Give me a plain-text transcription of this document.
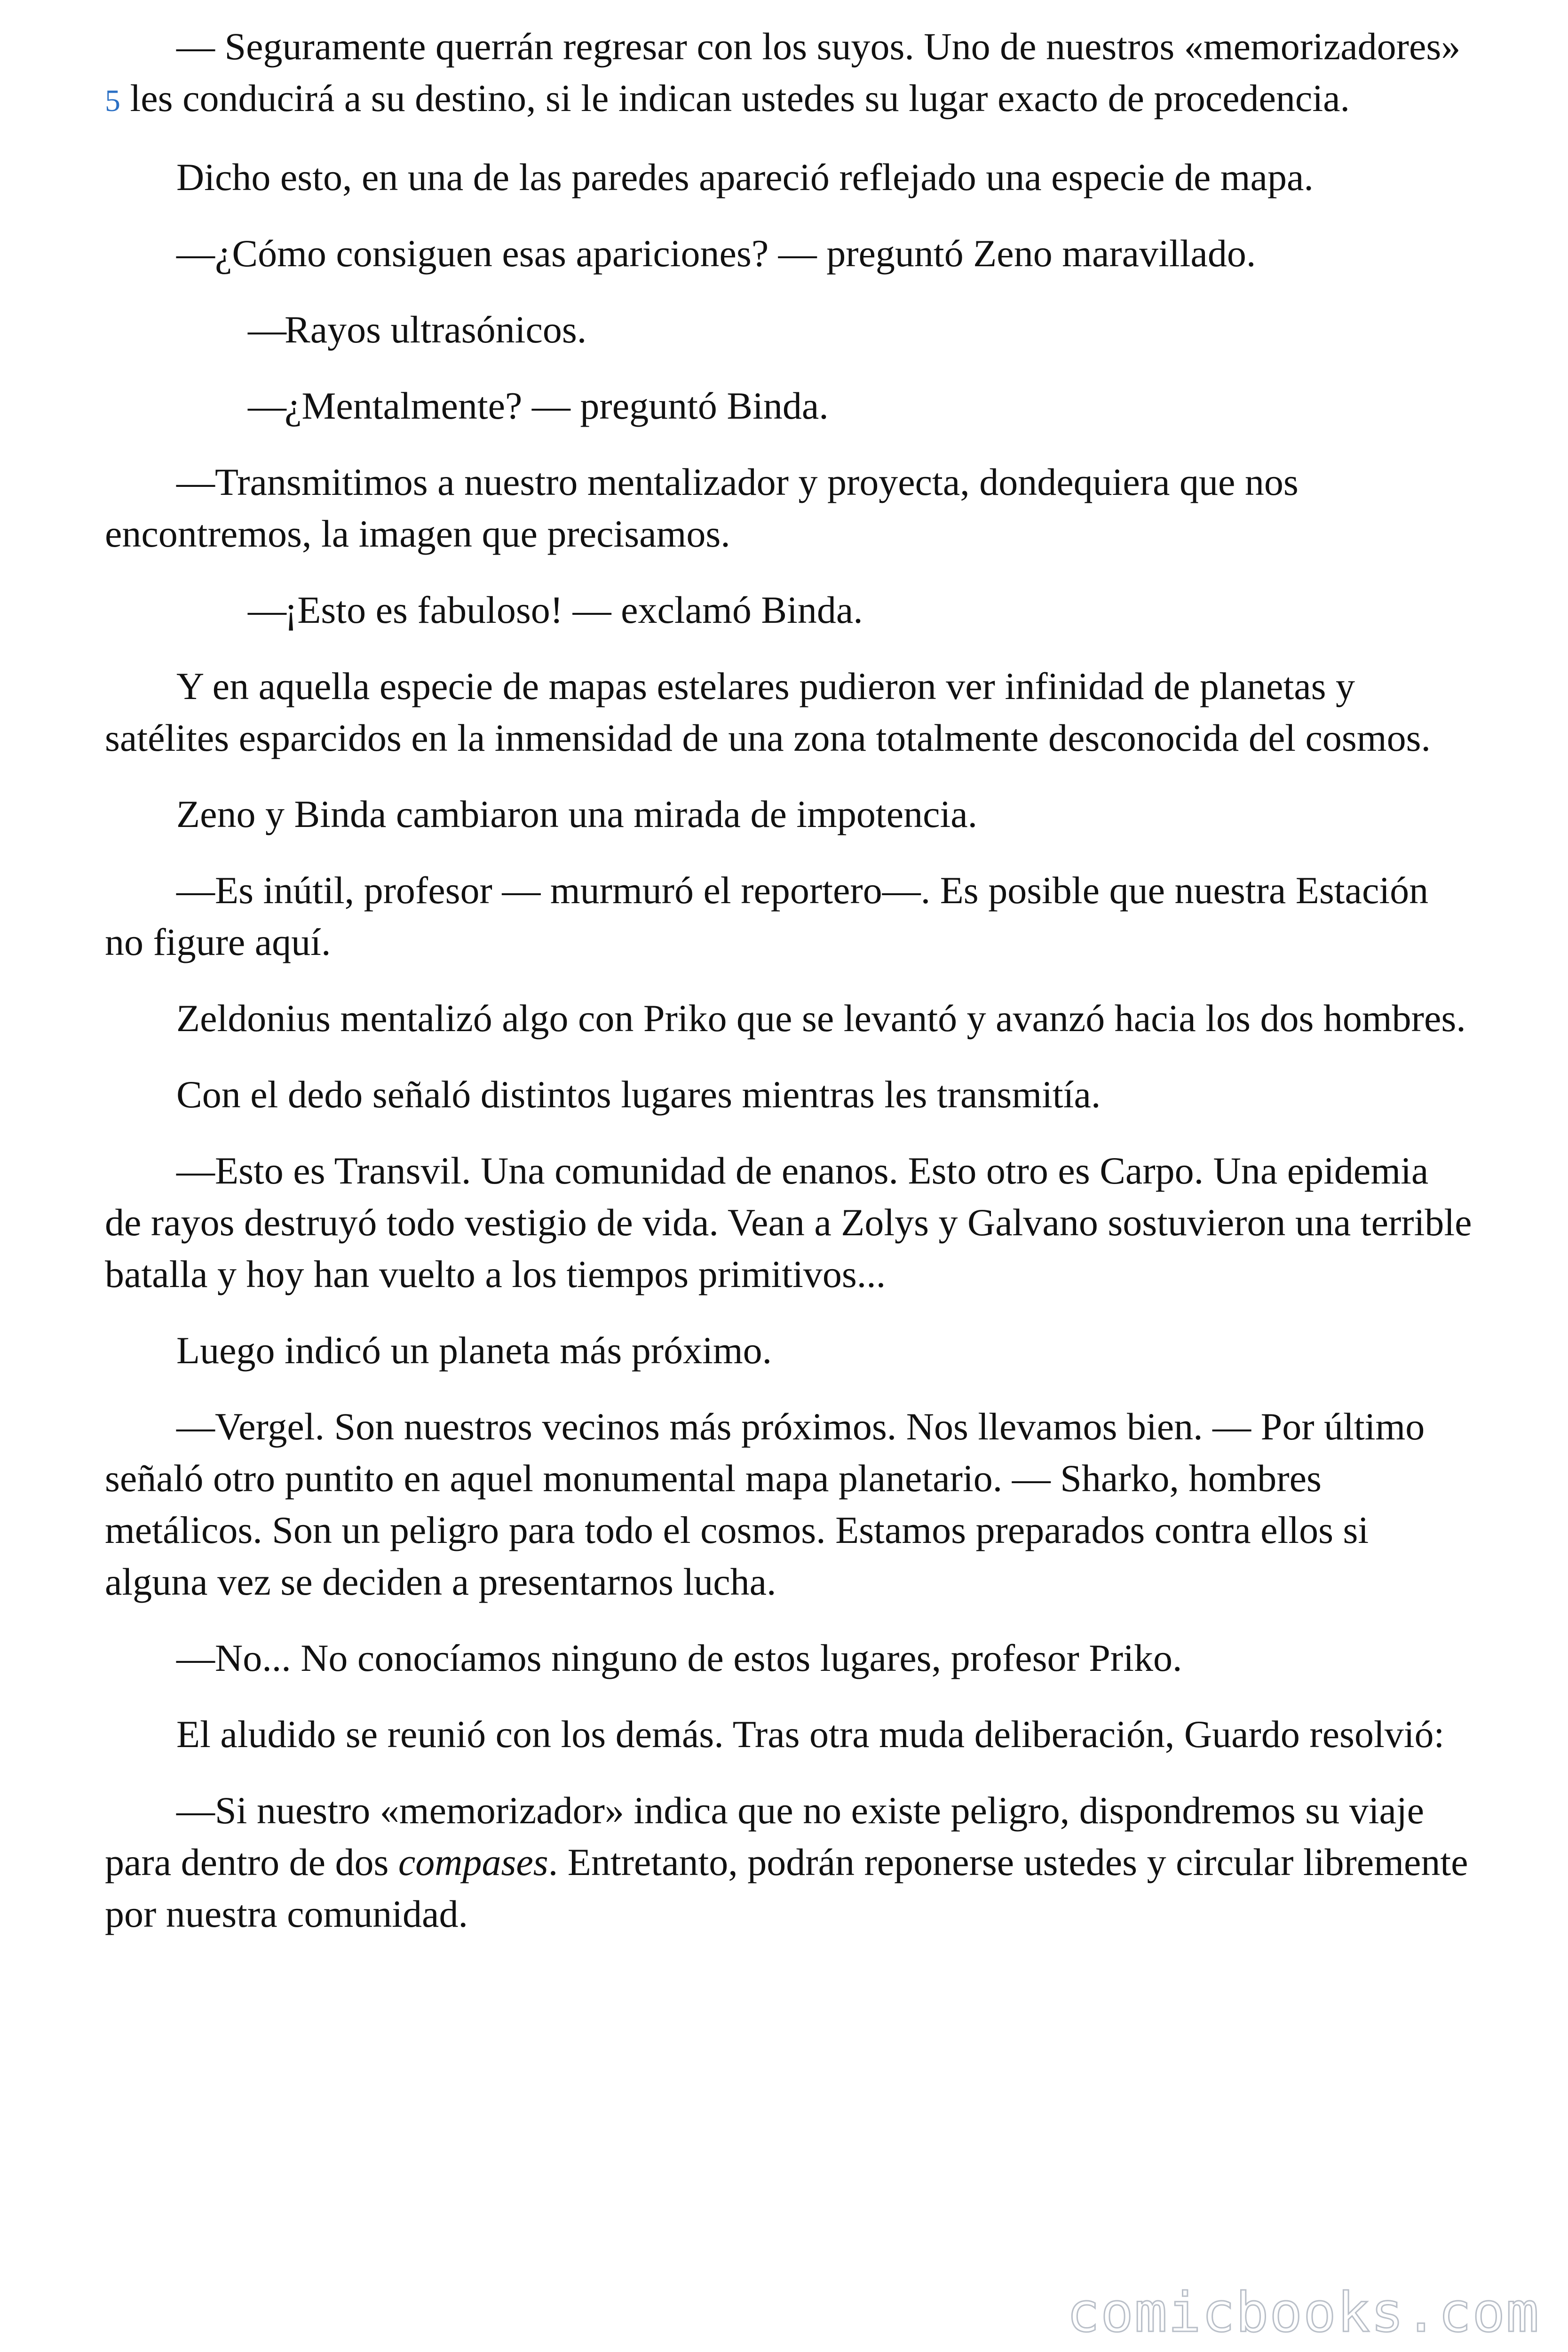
— Seguramente querrán regresar con los suyos. Uno de nuestros «memorizadores» 5 les conducirá a su destino, si le indican ustedes su lugar exacto de procedencia.

Dicho esto, en una de las paredes apareció reflejado una especie de mapa.

—¿Cómo consiguen esas apariciones? — preguntó Zeno maravillado.

—Rayos ultrasónicos.

—¿Mentalmente? — preguntó Binda.

—Transmitimos a nuestro mentalizador y proyecta, dondequiera que nos encontremos, la imagen que precisamos.

—¡Esto es fabuloso! — exclamó Binda.

Y en aquella especie de mapas estelares pudieron ver infinidad de planetas y satélites esparcidos en la inmensidad de una zona totalmente desconocida del cosmos.

Zeno y Binda cambiaron una mirada de impotencia.

—Es inútil, profesor — murmuró el reportero—. Es posible que nuestra Estación no figure aquí.

Zeldonius mentalizó algo con Priko que se levantó y avanzó hacia los dos hombres.

Con el dedo señaló distintos lugares mientras les transmitía.

—Esto es Transvil. Una comunidad de enanos. Esto otro es Carpo. Una epidemia de rayos destruyó todo vestigio de vida. Vean a Zolys y Galvano sostuvieron una terrible batalla y hoy han vuelto a los tiempos primitivos...

Luego indicó un planeta más próximo.

—Vergel. Son nuestros vecinos más próximos. Nos llevamos bien. — Por último señaló otro puntito en aquel monumental mapa planetario. — Sharko, hombres metálicos. Son un peligro para todo el cosmos. Estamos preparados contra ellos si alguna vez se deciden a presentarnos lucha.

—No... No conocíamos ninguno de estos lugares, profesor Priko.

El aludido se reunió con los demás. Tras otra muda deliberación, Guardo resolvió:

—Si nuestro «memorizador» indica que no existe peligro, dispondremos su viaje para dentro de dos compases. Entretanto, podrán reponerse ustedes y circular libremente por nuestra comunidad.

comicbooks.com
